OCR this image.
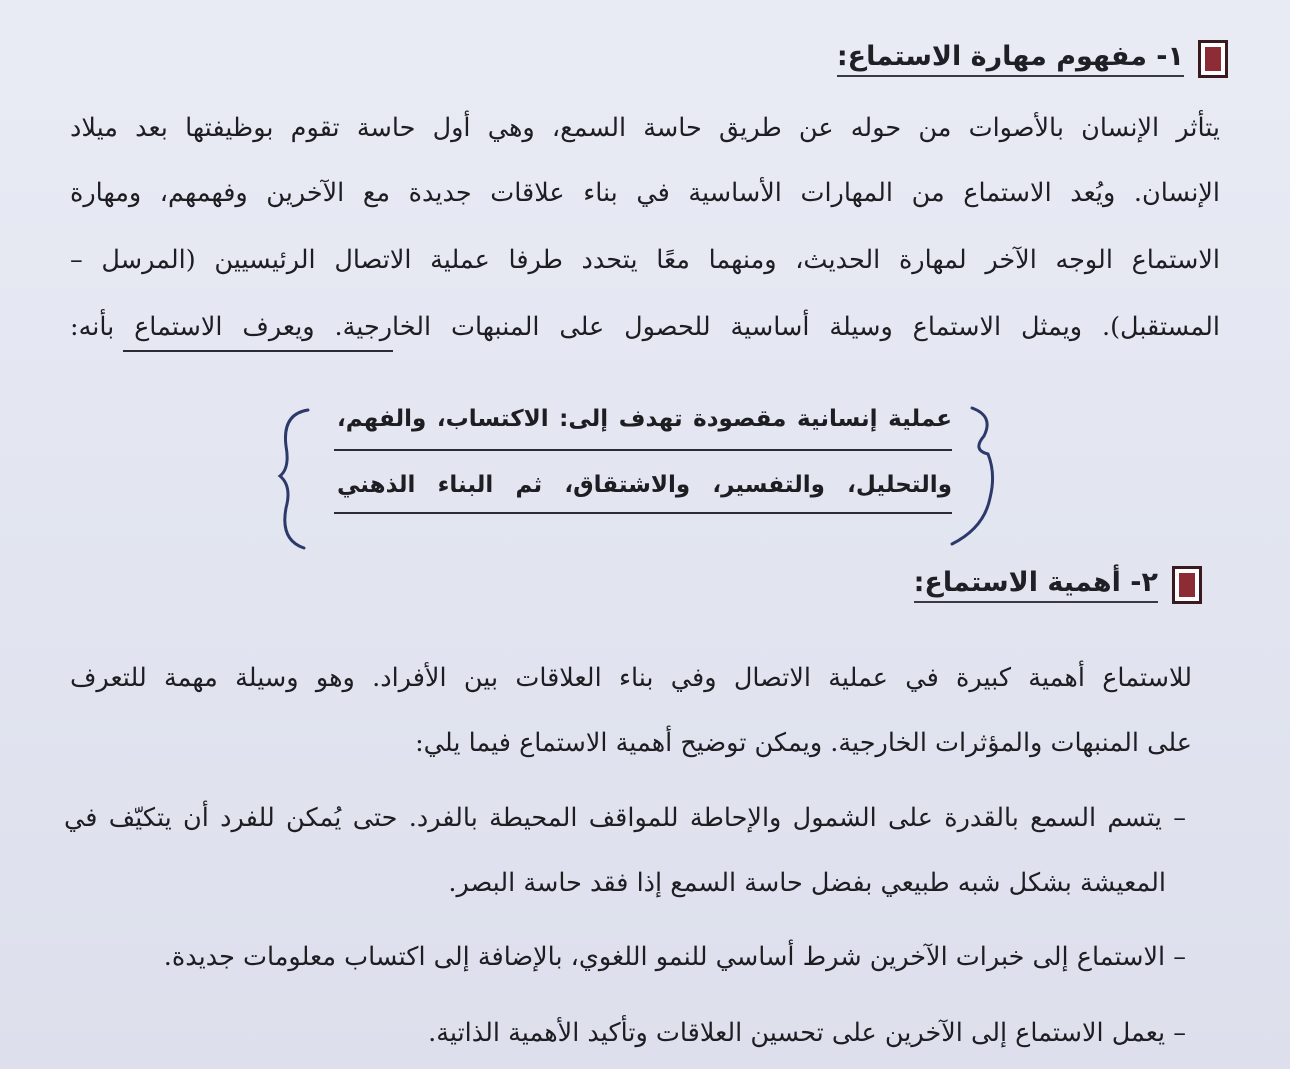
١- مفهوم مهارة الاستماع:
يتأثر الإنسان بالأصوات من حوله عن طريق حاسة السمع، وهي أول حاسة تقوم بوظيفتها بعد ميلاد
الإنسان. ويُعد الاستماع من المهارات الأساسية في بناء علاقات جديدة مع الآخرين وفهمهم، ومهارة
الاستماع الوجه الآخر لمهارة الحديث، ومنهما معًا يتحدد طرفا عملية الاتصال الرئيسيين (المرسل –
المستقبل). ويمثل الاستماع وسيلة أساسية للحصول على المنبهات الخارجية. ويعرف الاستماع بأنه:
عملية إنسانية مقصودة تهدف إلى: الاكتساب، والفهم،
والتحليل، والتفسير، والاشتقاق، ثم البناء الذهني
٢- أهمية الاستماع:
للاستماع أهمية كبيرة في عملية الاتصال وفي بناء العلاقات بين الأفراد. وهو وسيلة مهمة للتعرف
على المنبهات والمؤثرات الخارجية. ويمكن توضيح أهمية الاستماع فيما يلي:
– يتسم السمع بالقدرة على الشمول والإحاطة للمواقف المحيطة بالفرد. حتى يُمكن للفرد أن يتكيّف في
المعيشة بشكل شبه طبيعي بفضل حاسة السمع إذا فقد حاسة البصر.
– الاستماع إلى خبرات الآخرين شرط أساسي للنمو اللغوي، بالإضافة إلى اكتساب معلومات جديدة.
– يعمل الاستماع إلى الآخرين على تحسين العلاقات وتأكيد الأهمية الذاتية.
